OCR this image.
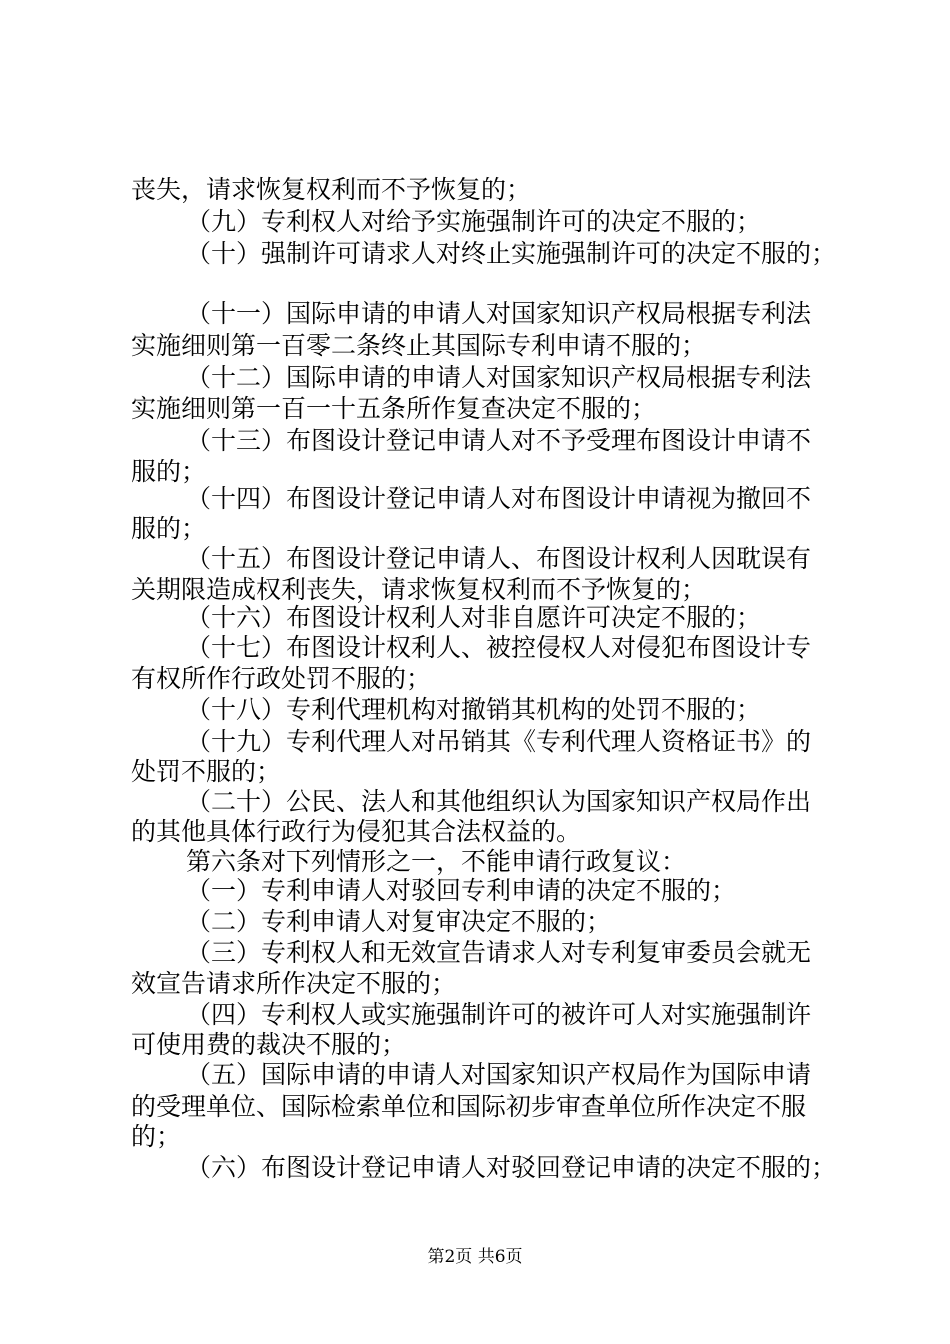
丧失，请求恢复权利而不予恢复的；
（九）专利权人对给予实施强制许可的决定不服的；
（十）强制许可请求人对终止实施强制许可的决定不服的；
（十一）国际申请的申请人对国家知识产权局根据专利法
实施细则第一百零二条终止其国际专利申请不服的；
（十二）国际申请的申请人对国家知识产权局根据专利法
实施细则第一百一十五条所作复查决定不服的；
（十三）布图设计登记申请人对不予受理布图设计申请不
服的；
（十四）布图设计登记申请人对布图设计申请视为撤回不
服的；
（十五）布图设计登记申请人、布图设计权利人因耽误有
关期限造成权利丧失，请求恢复权利而不予恢复的；
（十六）布图设计权利人对非自愿许可决定不服的；
（十七）布图设计权利人、被控侵权人对侵犯布图设计专
有权所作行政处罚不服的；
（十八）专利代理机构对撤销其机构的处罚不服的；
（十九）专利代理人对吊销其《专利代理人资格证书》的
处罚不服的；
（二十）公民、法人和其他组织认为国家知识产权局作出
的其他具体行政行为侵犯其合法权益的。
第六条对下列情形之一，不能申请行政复议：
（一）专利申请人对驳回专利申请的决定不服的；
（二）专利申请人对复审决定不服的；
（三）专利权人和无效宣告请求人对专利复审委员会就无
效宣告请求所作决定不服的；
（四）专利权人或实施强制许可的被许可人对实施强制许
可使用费的裁决不服的；
（五）国际申请的申请人对国家知识产权局作为国际申请
的受理单位、国际检索单位和国际初步审查单位所作决定不服
的；
（六）布图设计登记申请人对驳回登记申请的决定不服的；
第2页 共6页
